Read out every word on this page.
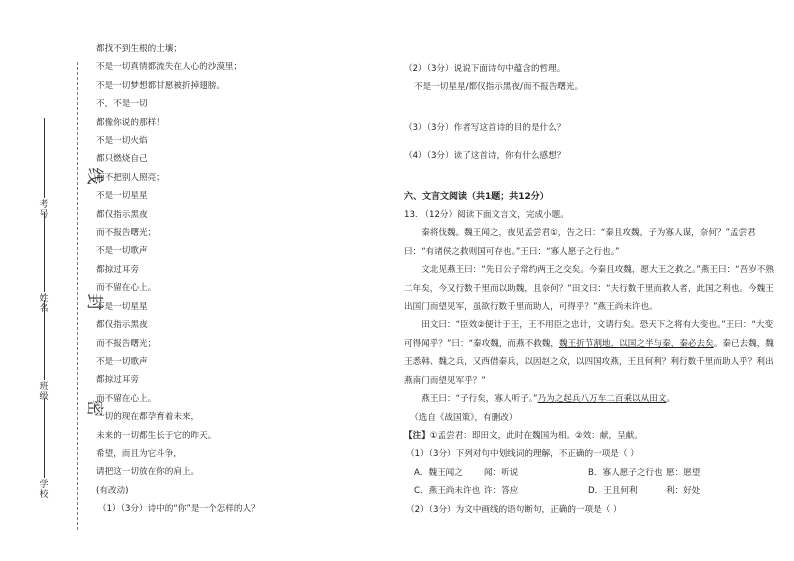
考号
姓名
班级
学校
线
封
密

都找不到生根的土壤；

不是一切真情都流失在人心的沙漠里；

不是一切梦想都甘愿被折掉翅膀。

不，不是一切

都像你说的那样！

不是一切火焰

都只燃烧自己

而不把别人照亮；

不是一切星星

都仅指示黑夜

而不报告曙光；

不是一切歌声

都掠过耳旁

而不留在心上。

不是一切星星

都仅指示黑夜

而不报告曙光；

不是一切歌声

都掠过耳旁

而不留在心上。

一切的现在都孕育着未来，

未来的一切都生长于它的昨天。

希望，而且为它斗争，

请把这一切放在你的肩上。

(有改动)

（1）（3分）诗中的“你”是一个怎样的人？

（2）（3分）说说下面诗句中蕴含的哲理。

不是一切星星/都仅指示黑夜/而不报告曙光。

（3）（3分）作者写这首诗的目的是什么？

（4）（3分）读了这首诗，你有什么感想？

六、文言文阅读（共1题；共12分）

13. （12分）阅读下面文言文，完成小题。

秦将伐魏。魏王闻之，夜见孟尝君①，告之曰：“秦且攻魏，子为寡人谋，奈何？”孟尝君曰：“有诸侯之救则国可存也。”王曰：“寡人愿子之行也。”

文北见燕王曰：“先日公子常约两王之交矣。今秦且攻魏，愿大王之救之。”燕王曰：“吾岁不熟二年矣，今又行数千里而以助魏，且奈何？”田文曰：“夫行数千里而救人者，此国之利也。今魏王出国门而望见军，虽欲行数千里而助人，可得乎？”燕王尚未许也。

田文曰：“臣效②便计于王，王不用臣之忠计，文请行矣。恐天下之将有大变也。”王曰：“大变可得闻乎？”曰：“秦攻魏，而燕不救魏，魏王折节割地，以国之半与秦，秦必去矣。秦已去魏，魏王悉韩、魏之兵，又西借秦兵，以因赵之众，以四国攻燕，王且何利？利行数千里而助人乎？利出燕南门而望见军乎？”

燕王曰：“子行矣，寡人听子。”乃为之起兵八万车二百乘以从田文。

（选自《战国策》，有删改）

【注】①孟尝君：即田文，此时在魏国为相。②效：献，呈献。

（1）（3分）下列对句中划线词的理解，不正确的一项是（ ）

A．魏王闻之	闻：听说	B．寡人愿子之行也 愿：愿望
C．燕王尚未许也 许：答应	D．王且何利	利：好处

（2）（3分）为文中画线的语句断句，正确的一项是（ ）
